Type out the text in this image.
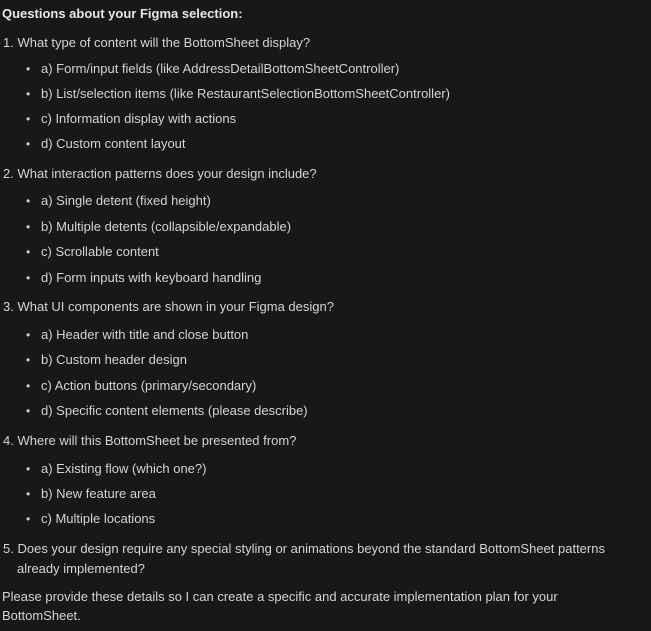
Questions about your Figma selection:
1. What type of content will the BottomSheet display?
• a) Form/input fields (like AddressDetailBottomSheetController)
• b) List/selection items (like RestaurantSelectionBottomSheetController)
• c) Information display with actions
• d) Custom content layout
2. What interaction patterns does your design include?
• a) Single detent (fixed height)
• b) Multiple detents (collapsible/expandable)
• c) Scrollable content
• d) Form inputs with keyboard handling
3. What UI components are shown in your Figma design?
• a) Header with title and close button
• b) Custom header design
• c) Action buttons (primary/secondary)
• d) Specific content elements (please describe)
4. Where will this BottomSheet be presented from?
• a) Existing flow (which one?)
• b) New feature area
• c) Multiple locations
5. Does your design require any special styling or animations beyond the standard BottomSheet patterns
already implemented?
Please provide these details so I can create a specific and accurate implementation plan for your BottomSheet.
